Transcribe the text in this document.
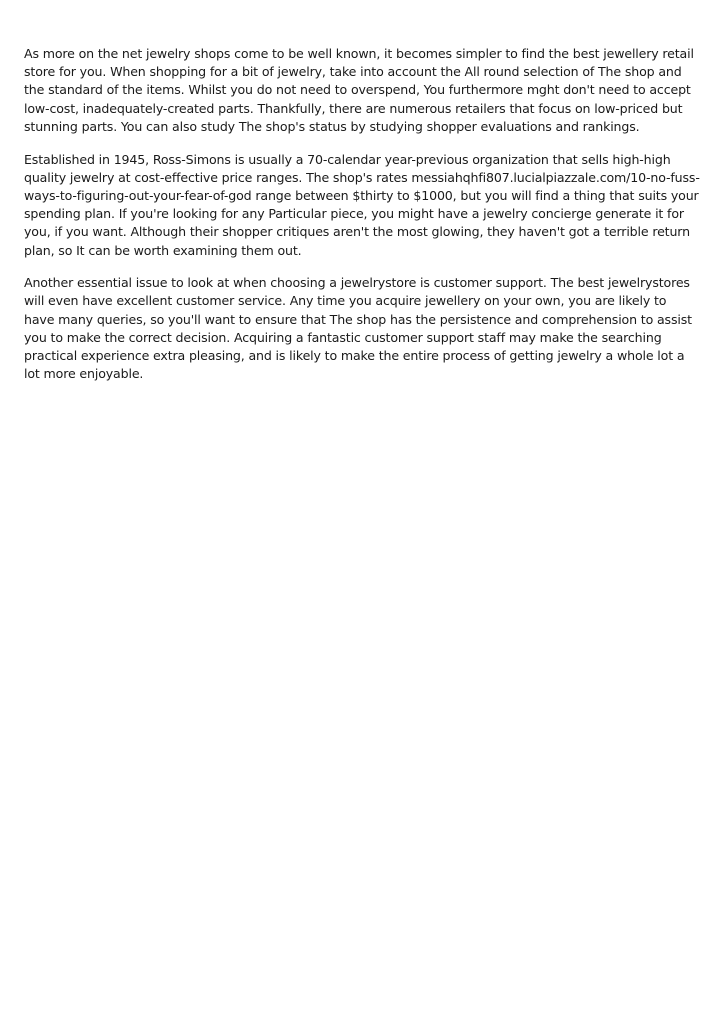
As more on the net jewelry shops come to be well known, it becomes simpler to find the best jewellery retail store for you. When shopping for a bit of jewelry, take into account the All round selection of The shop and the standard of the items. Whilst you do not need to overspend, You furthermore mght don't need to accept low-cost, inadequately-created parts. Thankfully, there are numerous retailers that focus on low-priced but stunning parts. You can also study The shop's status by studying shopper evaluations and rankings.

Established in 1945, Ross-Simons is usually a 70-calendar year-previous organization that sells high-high quality jewelry at cost-effective price ranges. The shop's rates messiahqhfi807.lucialpiazzale.com/10-no-fuss-ways-to-figuring-out-your-fear-of-god range between $thirty to $1000, but you will find a thing that suits your spending plan. If you're looking for any Particular piece, you might have a jewelry concierge generate it for you, if you want. Although their shopper critiques aren't the most glowing, they haven't got a terrible return plan, so It can be worth examining them out.

Another essential issue to look at when choosing a jewelrystore is customer support. The best jewelrystores will even have excellent customer service. Any time you acquire jewellery on your own, you are likely to have many queries, so you'll want to ensure that The shop has the persistence and comprehension to assist you to make the correct decision. Acquiring a fantastic customer support staff may make the searching practical experience extra pleasing, and is likely to make the entire process of getting jewelry a whole lot a lot more enjoyable.
